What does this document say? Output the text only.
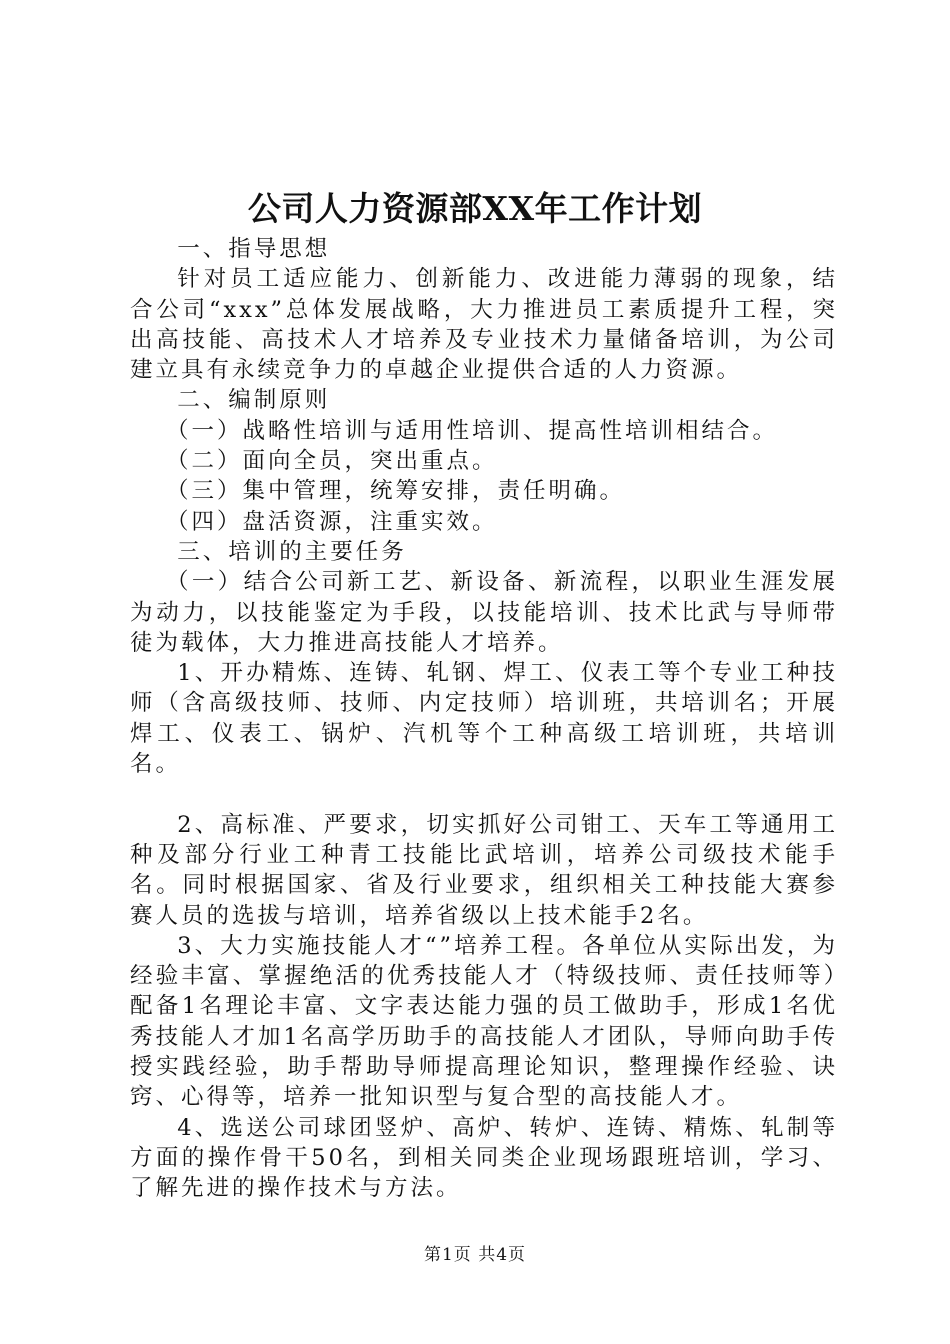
公司人力资源部XX年工作计划

一、指导思想

针对员工适应能力、创新能力、改进能力薄弱的现象，结合公司“xxx”总体发展战略，大力推进员工素质提升工程，突出高技能、高技术人才培养及专业技术力量储备培训，为公司建立具有永续竞争力的卓越企业提供合适的人力资源。

二、编制原则

（一）战略性培训与适用性培训、提高性培训相结合。

（二）面向全员，突出重点。

（三）集中管理，统筹安排，责任明确。

（四）盘活资源，注重实效。

三、培训的主要任务

（一）结合公司新工艺、新设备、新流程，以职业生涯发展为动力，以技能鉴定为手段，以技能培训、技术比武与导师带徒为载体，大力推进高技能人才培养。

1、开办精炼、连铸、轧钢、焊工、仪表工等个专业工种技师（含高级技师、技师、内定技师）培训班，共培训名；开展焊工、仪表工、锅炉、汽机等个工种高级工培训班，共培训名。

2、高标准、严要求，切实抓好公司钳工、天车工等通用工种及部分行业工种青工技能比武培训，培养公司级技术能手名。同时根据国家、省及行业要求，组织相关工种技能大赛参赛人员的选拔与培训，培养省级以上技术能手2名。

3、大力实施技能人才“”培养工程。各单位从实际出发，为经验丰富、掌握绝活的优秀技能人才（特级技师、责任技师等）配备1名理论丰富、文字表达能力强的员工做助手，形成1名优秀技能人才加1名高学历助手的高技能人才团队，导师向助手传授实践经验，助手帮助导师提高理论知识，整理操作经验、诀窍、心得等，培养一批知识型与复合型的高技能人才。

4、选送公司球团竖炉、高炉、转炉、连铸、精炼、轧制等方面的操作骨干50名，到相关同类企业现场跟班培训，学习、了解先进的操作技术与方法。

第1页 共4页
